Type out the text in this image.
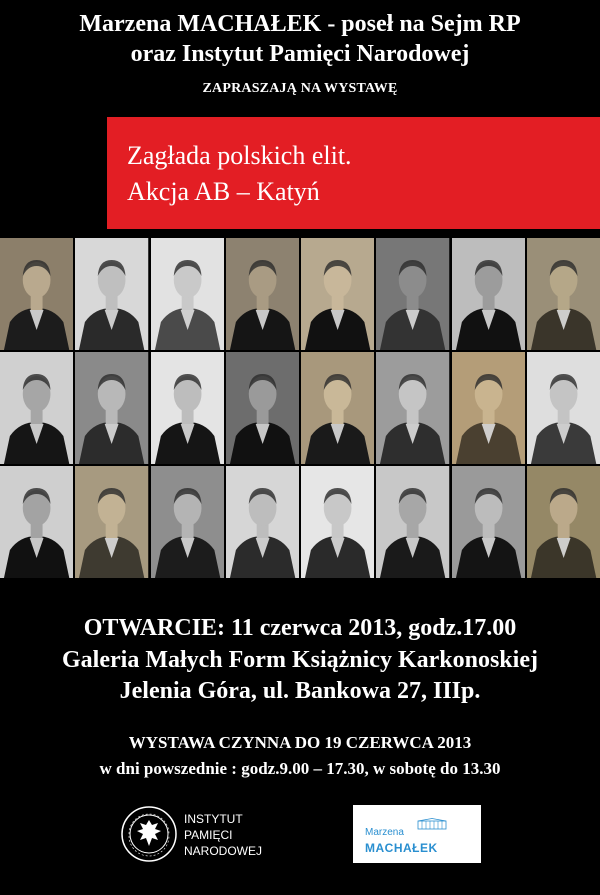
Marzena MACHAŁEK - poseł na Sejm RP
oraz Instytut Pamięci Narodowej
ZAPRASZAJĄ NA WYSTAWĘ
Zagłada polskich elit.
Akcja AB – Katyń
OTWARCIE: 11 czerwca 2013, godz.17.00
Galeria Małych Form Książnicy Karkonoskiej
Jelenia Góra, ul. Bankowa 27, IIIp.
WYSTAWA CZYNNA DO 19 CZERWCA 2013
w dni powszednie : godz.9.00 – 17.30, w sobotę do 13.30
INSTYTUT
PAMIĘCI
NARODOWEJ
Marzena
MACHAŁEK
